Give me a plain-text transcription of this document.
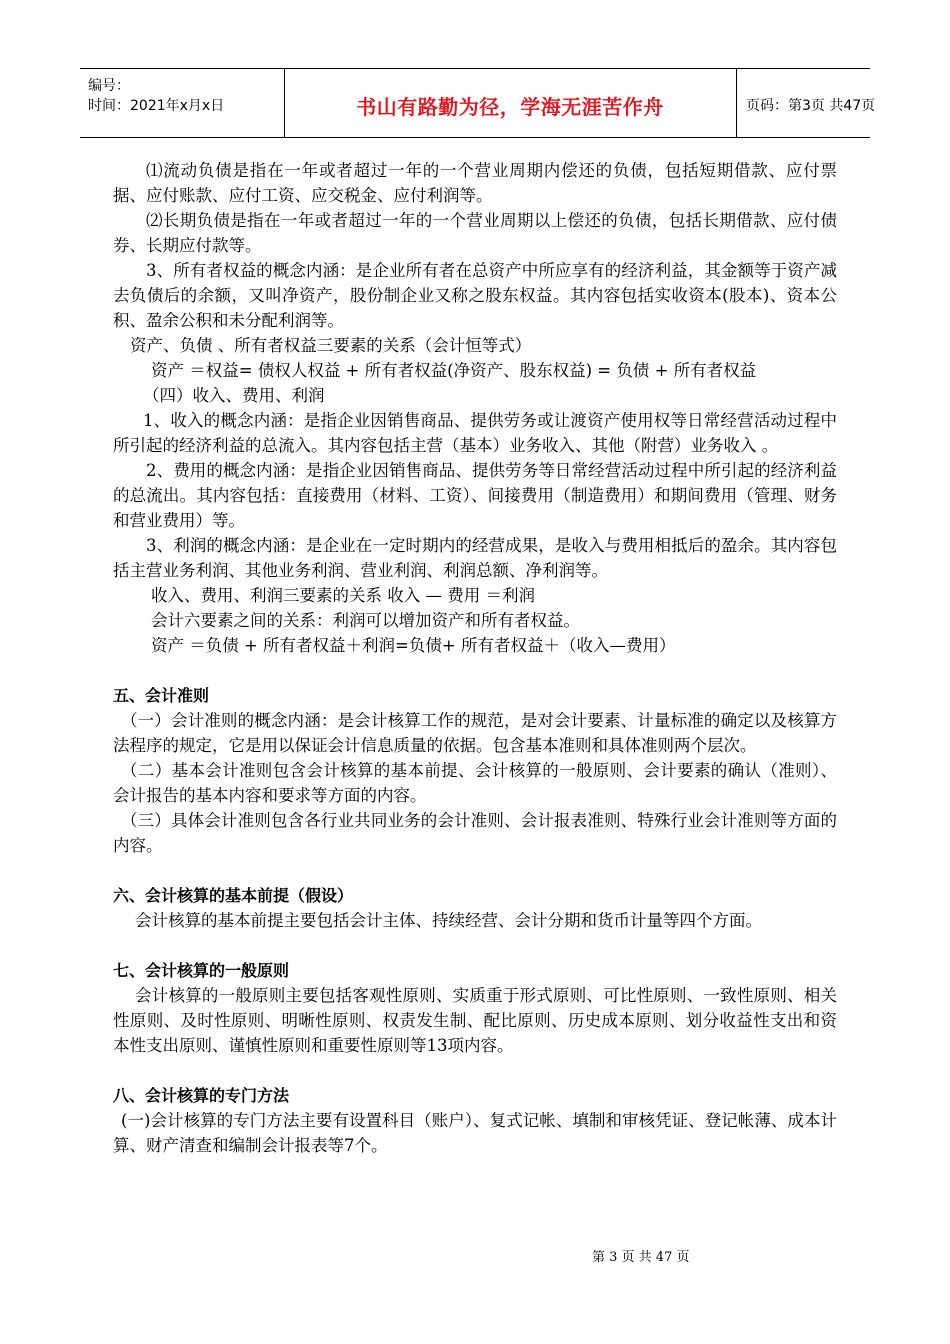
编号：
时间：2021年x月x日	书山有路勤为径，学海无涯苦作舟	页码：第3页 共47页

⑴流动负债是指在一年或者超过一年的一个营业周期内偿还的负债，包括短期借款、应付票据、应付账款、应付工资、应交税金、应付利润等。

⑵长期负债是指在一年或者超过一年的一个营业周期以上偿还的负债，包括长期借款、应付债券、长期应付款等。

3、所有者权益的概念内涵：是企业所有者在总资产中所应享有的经济利益，其金额等于资产减去负债后的余额，又叫净资产，股份制企业又称之股东权益。其内容包括实收资本(股本)、资本公积、盈余公积和未分配利润等。

资产、负债 、所有者权益三要素的关系（会计恒等式）

资产 ＝权益= 债权人权益 + 所有者权益(净资产、股东权益) = 负债 + 所有者权益

（四）收入、费用、利润

1、收入的概念内涵：是指企业因销售商品、提供劳务或让渡资产使用权等日常经营活动过程中所引起的经济利益的总流入。其内容包括主营（基本）业务收入、其他（附营）业务收入 。

2、费用的概念内涵：是指企业因销售商品、提供劳务等日常经营活动过程中所引起的经济利益的总流出。其内容包括：直接费用（材料、工资）、间接费用（制造费用）和期间费用（管理、财务和营业费用）等。

3、利润的概念内涵：是企业在一定时期内的经营成果，是收入与费用相抵后的盈余。其内容包括主营业务利润、其他业务利润、营业利润、利润总额、净利润等。

收入、费用、利润三要素的关系 收入 — 费用 ＝利润

会计六要素之间的关系：利润可以增加资产和所有者权益。

资产 ＝负债 + 所有者权益＋利润=负债+ 所有者权益＋（收入—费用）

五、会计准则

（一）会计准则的概念内涵：是会计核算工作的规范，是对会计要素、计量标准的确定以及核算方法程序的规定，它是用以保证会计信息质量的依据。包含基本准则和具体准则两个层次。

（二）基本会计准则包含会计核算的基本前提、会计核算的一般原则、会计要素的确认（准则）、会计报告的基本内容和要求等方面的内容。

（三）具体会计准则包含各行业共同业务的会计准则、会计报表准则、特殊行业会计准则等方面的内容。

六、会计核算的基本前提（假设）

会计核算的基本前提主要包括会计主体、持续经营、会计分期和货币计量等四个方面。

七、会计核算的一般原则

会计核算的一般原则主要包括客观性原则、实质重于形式原则、可比性原则、一致性原则、相关性原则、及时性原则、明晰性原则、权责发生制、配比原则、历史成本原则、划分收益性支出和资本性支出原则、谨慎性原则和重要性原则等13项内容。

八、会计核算的专门方法

(一)会计核算的专门方法主要有设置科目（账户）、复式记帐、填制和审核凭证、登记帐薄、成本计算、财产清查和编制会计报表等7个。

第 3 页 共 47 页
